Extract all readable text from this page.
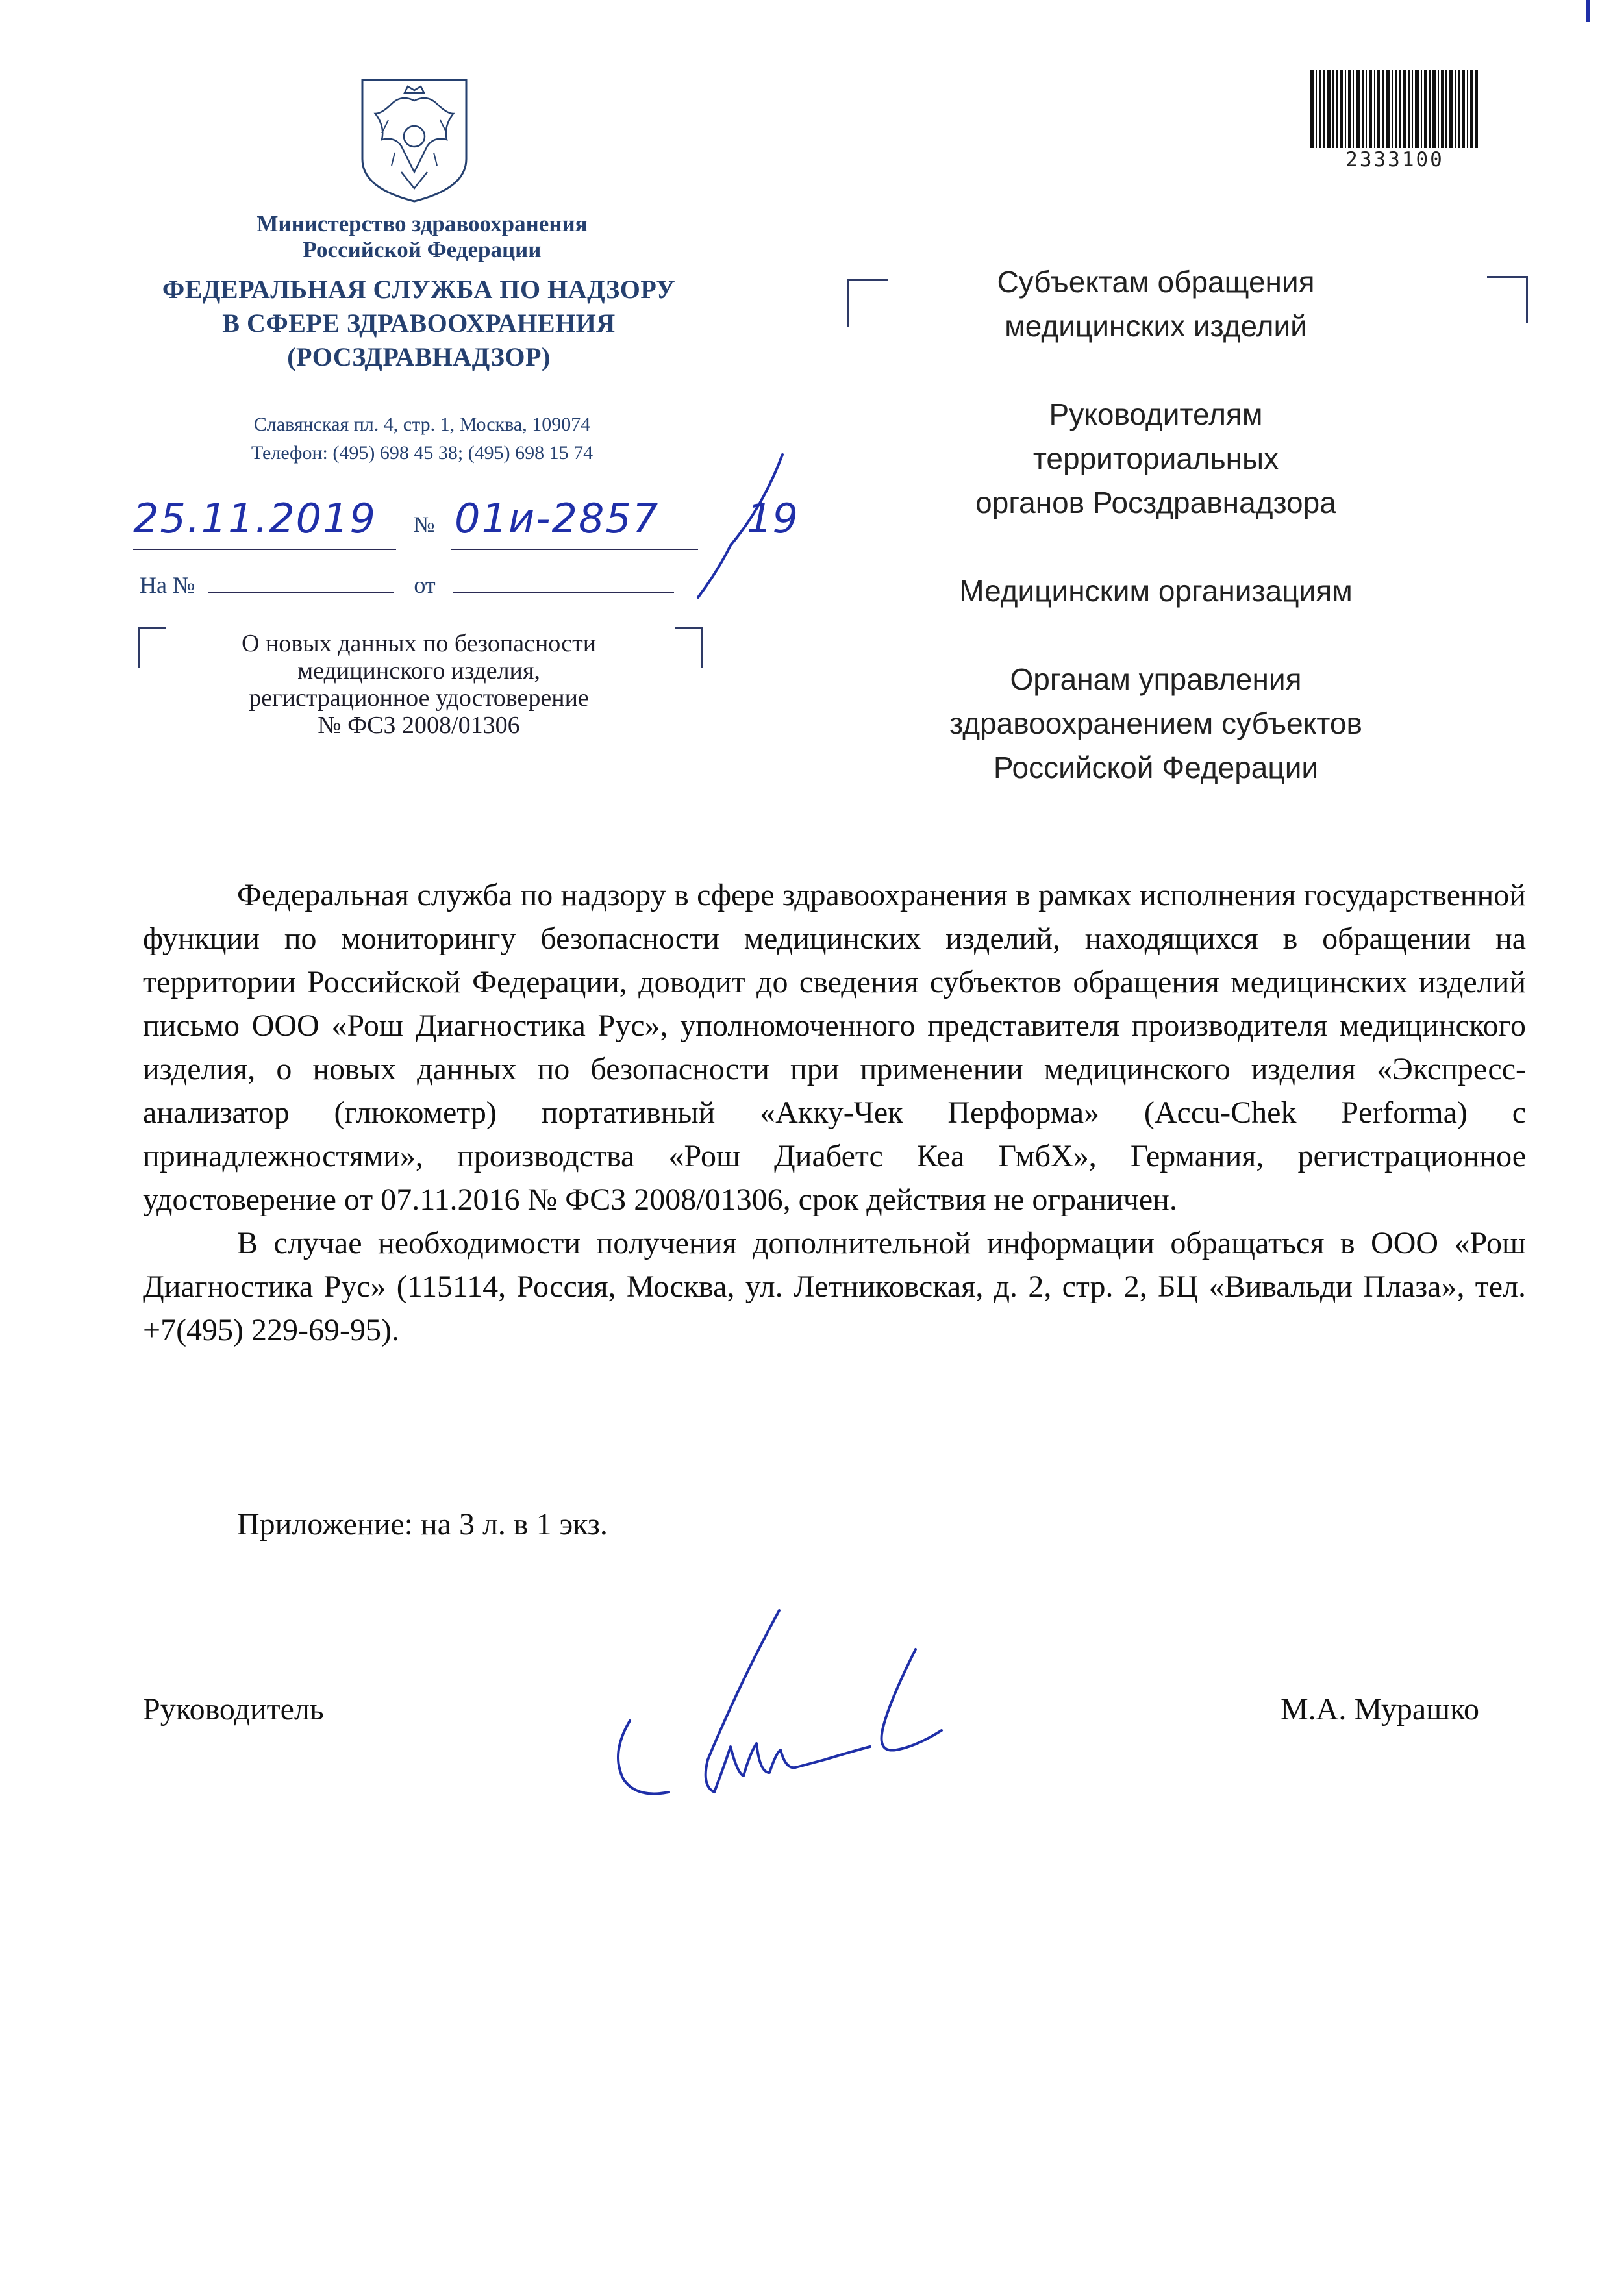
Министерство здравоохранения
Российской Федерации
ФЕДЕРАЛЬНАЯ СЛУЖБА ПО НАДЗОРУ
В СФЕРЕ ЗДРАВООХРАНЕНИЯ
(РОСЗДРАВНАДЗОР)
Славянская пл. 4, стр. 1, Москва, 109074
Телефон: (495) 698 45 38; (495) 698 15 74
25.11.2019 № 01и-2857 19
На №	от
О новых данных по безопасности
медицинского изделия,
регистрационное удостоверение
№ ФСЗ 2008/01306
2333100

Субъектам обращения
медицинских изделий

Руководителям
территориальных
органов Росздравнадзора

Медицинским организациям

Органам управления
здравоохранением субъектов
Российской Федерации

Федеральная служба по надзору в сфере здравоохранения в рамках исполнения государственной функции по мониторингу безопасности медицинских изделий, находящихся в обращении на территории Российской Федерации, доводит до сведения субъектов обращения медицинских изделий письмо ООО «Рош Диагностика Рус», уполномоченного представителя производителя медицинского изделия, о новых данных по безопасности при применении медицинского изделия «Экспресс-анализатор (глюкометр) портативный «Акку-Чек Перформа» (Accu-Chek Performa) с принадлежностями», производства «Рош Диабетс Кеа ГмбХ», Германия, регистрационное удостоверение от 07.11.2016 № ФСЗ 2008/01306, срок действия не ограничен.

В случае необходимости получения дополнительной информации обращаться в ООО «Рош Диагностика Рус» (115114, Россия, Москва, ул. Летниковская, д. 2, стр. 2, БЦ «Вивальди Плаза», тел. +7(495) 229-69-95).

Приложение: на 3 л. в 1 экз.
Руководитель	М.А. Мурашко
